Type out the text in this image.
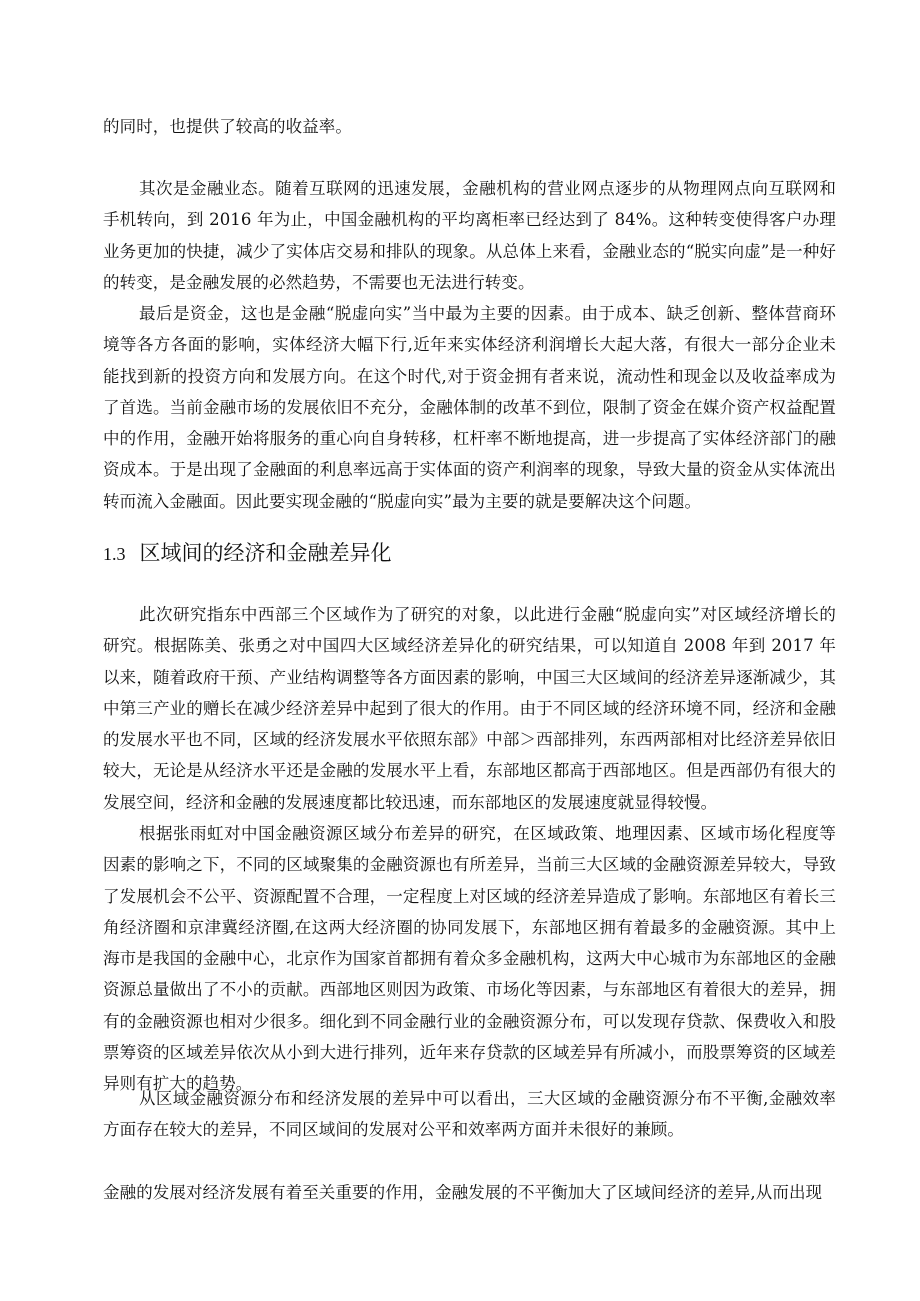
的同时，也提供了较高的收益率。

其次是金融业态。随着互联网的迅速发展，金融机构的营业网点逐步的从物理网点向互联网和手机转向，到 2016 年为止，中国金融机构的平均离柜率已经达到了 84%。这种转变使得客户办理业务更加的快捷，减少了实体店交易和排队的现象。从总体上来看，金融业态的“脱实向虚”是一种好的转变，是金融发展的必然趋势，不需要也无法进行转变。

最后是资金，这也是金融“脱虚向实”当中最为主要的因素。由于成本、缺乏创新、整体营商环境等各方各面的影响，实体经济大幅下行,近年来实体经济利润增长大起大落，有很大一部分企业未能找到新的投资方向和发展方向。在这个时代,对于资金拥有者来说，流动性和现金以及收益率成为了首选。当前金融市场的发展依旧不充分，金融体制的改革不到位，限制了资金在媒介资产权益配置中的作用，金融开始将服务的重心向自身转移，杠杆率不断地提高，进一步提高了实体经济部门的融资成本。于是出现了金融面的利息率远高于实体面的资产利润率的现象，导致大量的资金从实体流出转而流入金融面。因此要实现金融的“脱虚向实”最为主要的就是要解决这个问题。

1.3 区域间的经济和金融差异化

此次研究指东中西部三个区域作为了研究的对象，以此进行金融“脱虚向实”对区域经济增长的研究。根据陈美、张勇之对中国四大区域经济差异化的研究结果，可以知道自 2008 年到 2017 年以来，随着政府干预、产业结构调整等各方面因素的影响，中国三大区域间的经济差异逐渐减少，其中第三产业的赠长在减少经济差异中起到了很大的作用。由于不同区域的经济环境不同，经济和金融的发展水平也不同，区域的经济发展水平依照东部》中部＞西部排列，东西两部相对比经济差异依旧较大，无论是从经济水平还是金融的发展水平上看，东部地区都高于西部地区。但是西部仍有很大的发展空间，经济和金融的发展速度都比较迅速，而东部地区的发展速度就显得较慢。

根据张雨虹对中国金融资源区域分布差异的研究，在区域政策、地理因素、区域市场化程度等因素的影响之下，不同的区域聚集的金融资源也有所差异，当前三大区域的金融资源差异较大，导致了发展机会不公平、资源配置不合理，一定程度上对区域的经济差异造成了影响。东部地区有着长三角经济圈和京津冀经济圈,在这两大经济圈的协同发展下，东部地区拥有着最多的金融资源。其中上海市是我国的金融中心，北京作为国家首都拥有着众多金融机构，这两大中心城市为东部地区的金融资源总量做出了不小的贡献。西部地区则因为政策、市场化等因素，与东部地区有着很大的差异，拥有的金融资源也相对少很多。细化到不同金融行业的金融资源分布，可以发现存贷款、保费收入和股票筹资的区域差异依次从小到大进行排列，近年来存贷款的区域差异有所减小，而股票筹资的区域差异则有扩大的趋势。

从区域金融资源分布和经济发展的差异中可以看出，三大区域的金融资源分布不平衡,金融效率方面存在较大的差异，不同区域间的发展对公平和效率两方面并未很好的兼顾。

金融的发展对经济发展有着至关重要的作用，金融发展的不平衡加大了区域间经济的差异,从而出现
